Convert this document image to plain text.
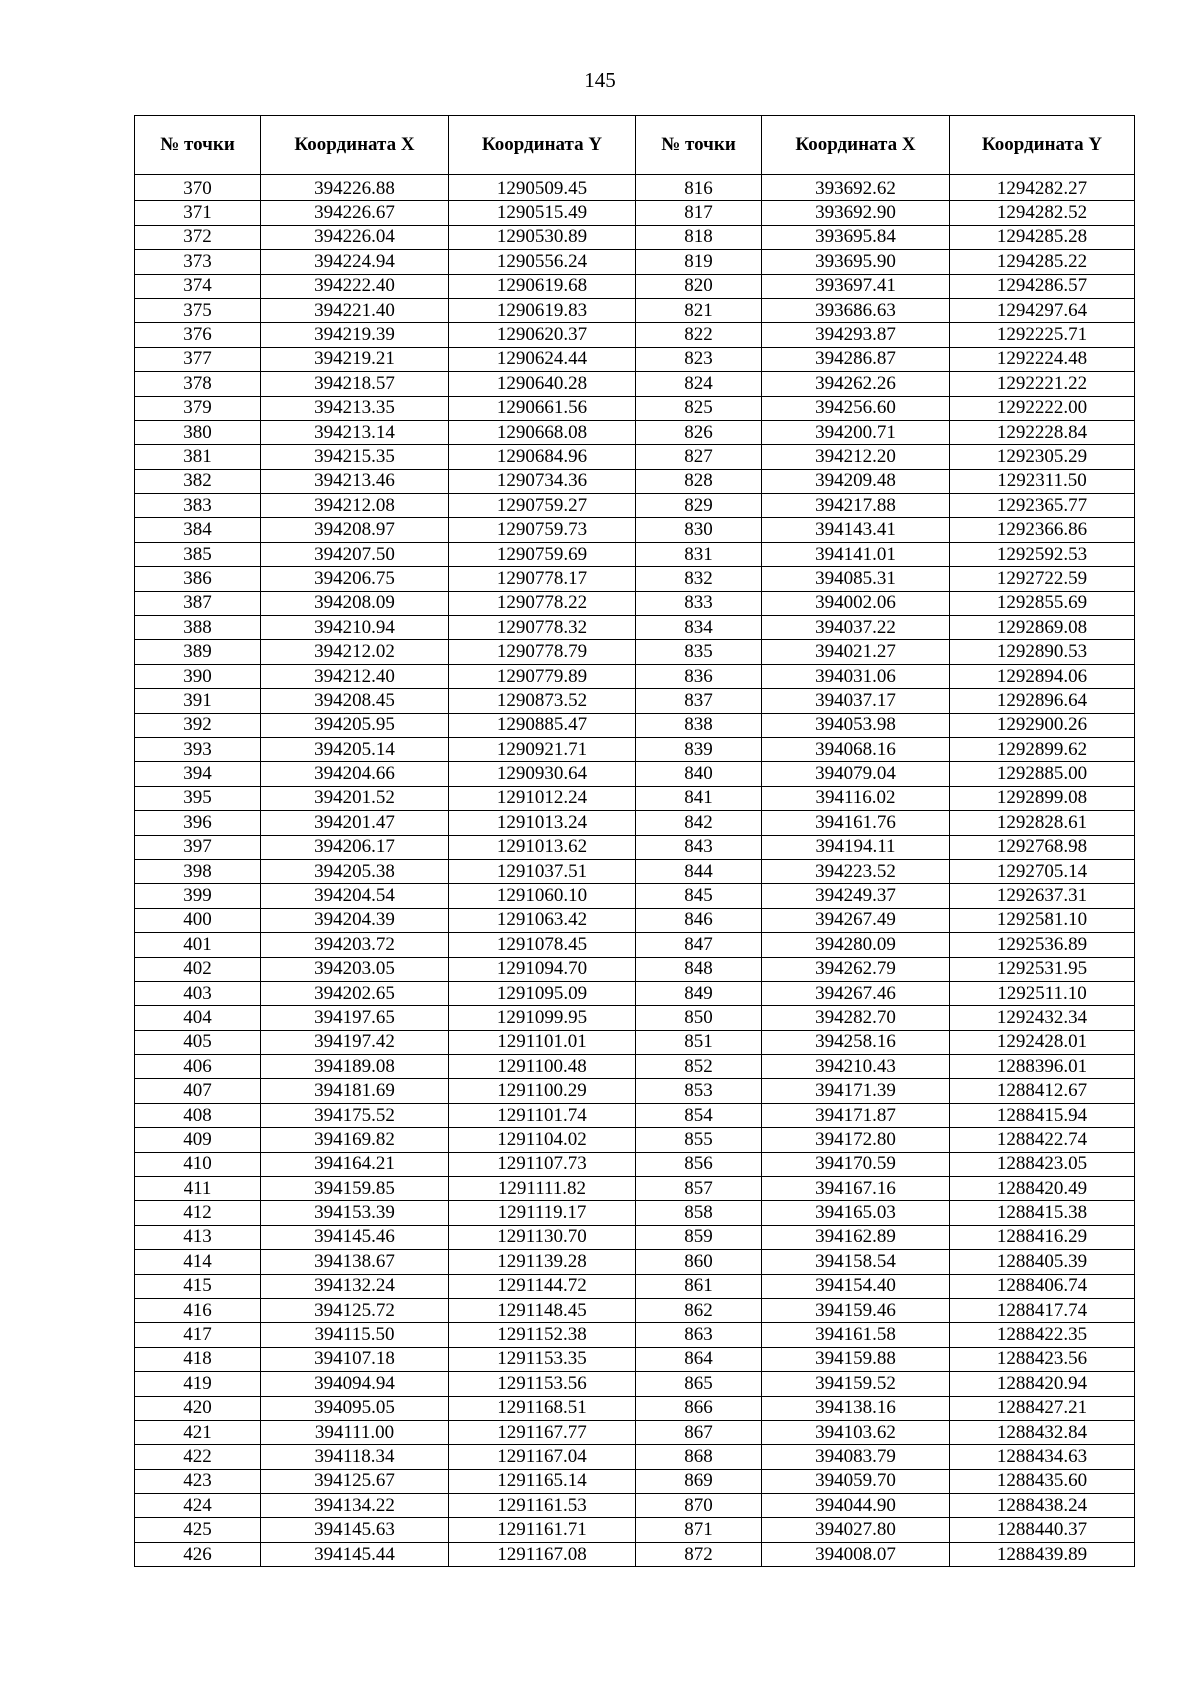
145
№ точки	Координата X	Координата Y	№ точки	Координата X	Координата Y
370	394226.88	1290509.45	816	393692.62	1294282.27
371	394226.67	1290515.49	817	393692.90	1294282.52
372	394226.04	1290530.89	818	393695.84	1294285.28
373	394224.94	1290556.24	819	393695.90	1294285.22
374	394222.40	1290619.68	820	393697.41	1294286.57
375	394221.40	1290619.83	821	393686.63	1294297.64
376	394219.39	1290620.37	822	394293.87	1292225.71
377	394219.21	1290624.44	823	394286.87	1292224.48
378	394218.57	1290640.28	824	394262.26	1292221.22
379	394213.35	1290661.56	825	394256.60	1292222.00
380	394213.14	1290668.08	826	394200.71	1292228.84
381	394215.35	1290684.96	827	394212.20	1292305.29
382	394213.46	1290734.36	828	394209.48	1292311.50
383	394212.08	1290759.27	829	394217.88	1292365.77
384	394208.97	1290759.73	830	394143.41	1292366.86
385	394207.50	1290759.69	831	394141.01	1292592.53
386	394206.75	1290778.17	832	394085.31	1292722.59
387	394208.09	1290778.22	833	394002.06	1292855.69
388	394210.94	1290778.32	834	394037.22	1292869.08
389	394212.02	1290778.79	835	394021.27	1292890.53
390	394212.40	1290779.89	836	394031.06	1292894.06
391	394208.45	1290873.52	837	394037.17	1292896.64
392	394205.95	1290885.47	838	394053.98	1292900.26
393	394205.14	1290921.71	839	394068.16	1292899.62
394	394204.66	1290930.64	840	394079.04	1292885.00
395	394201.52	1291012.24	841	394116.02	1292899.08
396	394201.47	1291013.24	842	394161.76	1292828.61
397	394206.17	1291013.62	843	394194.11	1292768.98
398	394205.38	1291037.51	844	394223.52	1292705.14
399	394204.54	1291060.10	845	394249.37	1292637.31
400	394204.39	1291063.42	846	394267.49	1292581.10
401	394203.72	1291078.45	847	394280.09	1292536.89
402	394203.05	1291094.70	848	394262.79	1292531.95
403	394202.65	1291095.09	849	394267.46	1292511.10
404	394197.65	1291099.95	850	394282.70	1292432.34
405	394197.42	1291101.01	851	394258.16	1292428.01
406	394189.08	1291100.48	852	394210.43	1288396.01
407	394181.69	1291100.29	853	394171.39	1288412.67
408	394175.52	1291101.74	854	394171.87	1288415.94
409	394169.82	1291104.02	855	394172.80	1288422.74
410	394164.21	1291107.73	856	394170.59	1288423.05
411	394159.85	1291111.82	857	394167.16	1288420.49
412	394153.39	1291119.17	858	394165.03	1288415.38
413	394145.46	1291130.70	859	394162.89	1288416.29
414	394138.67	1291139.28	860	394158.54	1288405.39
415	394132.24	1291144.72	861	394154.40	1288406.74
416	394125.72	1291148.45	862	394159.46	1288417.74
417	394115.50	1291152.38	863	394161.58	1288422.35
418	394107.18	1291153.35	864	394159.88	1288423.56
419	394094.94	1291153.56	865	394159.52	1288420.94
420	394095.05	1291168.51	866	394138.16	1288427.21
421	394111.00	1291167.77	867	394103.62	1288432.84
422	394118.34	1291167.04	868	394083.79	1288434.63
423	394125.67	1291165.14	869	394059.70	1288435.60
424	394134.22	1291161.53	870	394044.90	1288438.24
425	394145.63	1291161.71	871	394027.80	1288440.37
426	394145.44	1291167.08	872	394008.07	1288439.89
